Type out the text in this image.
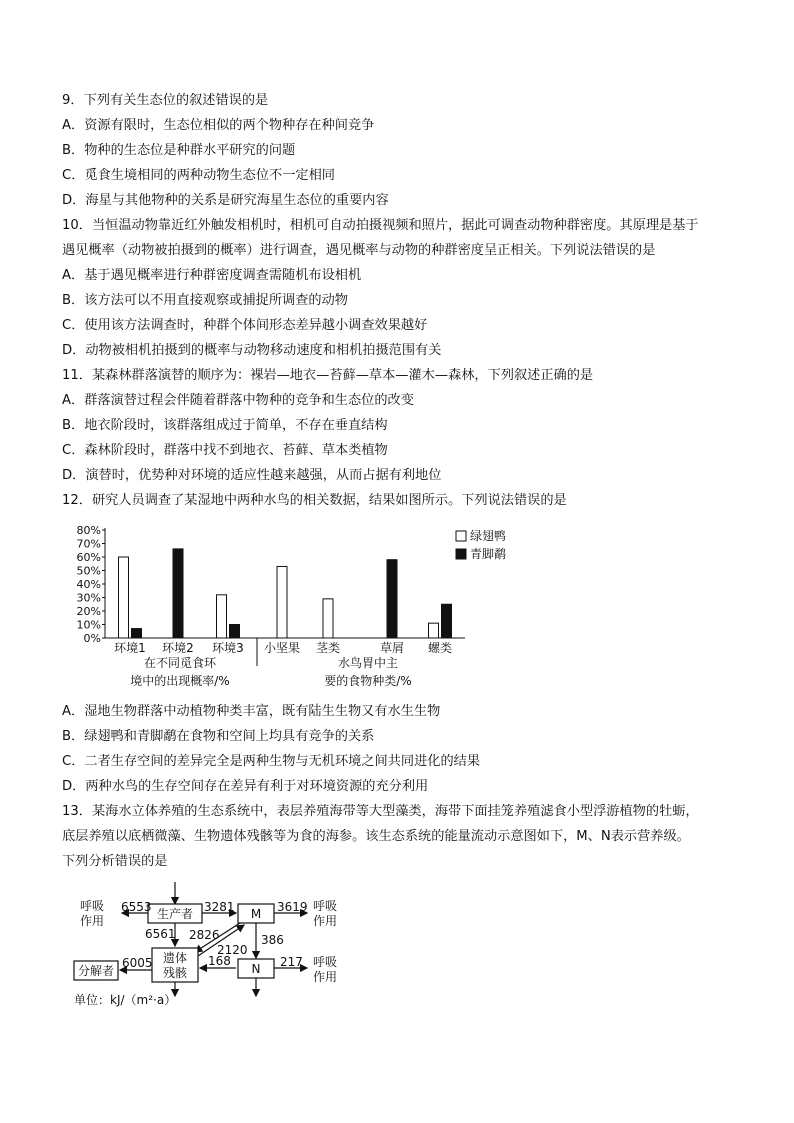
9．下列有关生态位的叙述错误的是
A．资源有限时，生态位相似的两个物种存在种间竞争
B．物种的生态位是种群水平研究的问题
C．觅食生境相同的两种动物生态位不一定相同
D．海星与其他物种的关系是研究海星生态位的重要内容
10．当恒温动物靠近红外触发相机时，相机可自动拍摄视频和照片，据此可调查动物种群密度。其原理是基于
遇见概率（动物被拍摄到的概率）进行调查，遇见概率与动物的种群密度呈正相关。下列说法错误的是
A．基于遇见概率进行种群密度调查需随机布设相机
B．该方法可以不用直接观察或捕捉所调查的动物
C．使用该方法调查时，种群个体间形态差异越小调查效果越好
D．动物被相机拍摄到的概率与动物移动速度和相机拍摄范围有关
11．某森林群落演替的顺序为：裸岩—地衣—苔藓—草本—灌木—森林，下列叙述正确的是
A．群落演替过程会伴随着群落中物种的竞争和生态位的改变
B．地衣阶段时，该群落组成过于简单，不存在垂直结构
C．森林阶段时，群落中找不到地衣、苔藓、草本类植物
D．演替时，优势种对环境的适应性越来越强，从而占据有利地位
12．研究人员调查了某湿地中两种水鸟的相关数据，结果如图所示。下列说法错误的是
80%
70%
60%
50%
40%
30%
20%
10%
0%
环境1 环境2 环境3 小坚果 茎类	草屑 螺类
在不同觅食环
境中的出现概率/%
水鸟胃中主
要的食物种类/%
绿翅鸭
青脚鹬
A．湿地生物群落中动植物种类丰富，既有陆生生物又有水生生物
B．绿翅鸭和青脚鹬在食物和空间上均具有竞争的关系
C．二者生存空间的差异完全是两种生物与无机环境之间共同进化的结果
D．两种水鸟的生存空间存在差异有利于对环境资源的充分利用
13．某海水立体养殖的生态系统中，表层养殖海带等大型藻类，海带下面挂笼养殖滤食小型浮游植物的牡蛎，
底层养殖以底栖微藻、生物遗体残骸等为食的海参。该生态系统的能量流动示意图如下，M、N表示营养级。
下列分析错误的是
生产者	M
N
遗体
残骸
分解者
呼吸
作用
呼吸
作用
呼吸
作用
6553	3281	3619
6561 2826
2120
386
6005	168	217
单位：kJ/（m²·a）
